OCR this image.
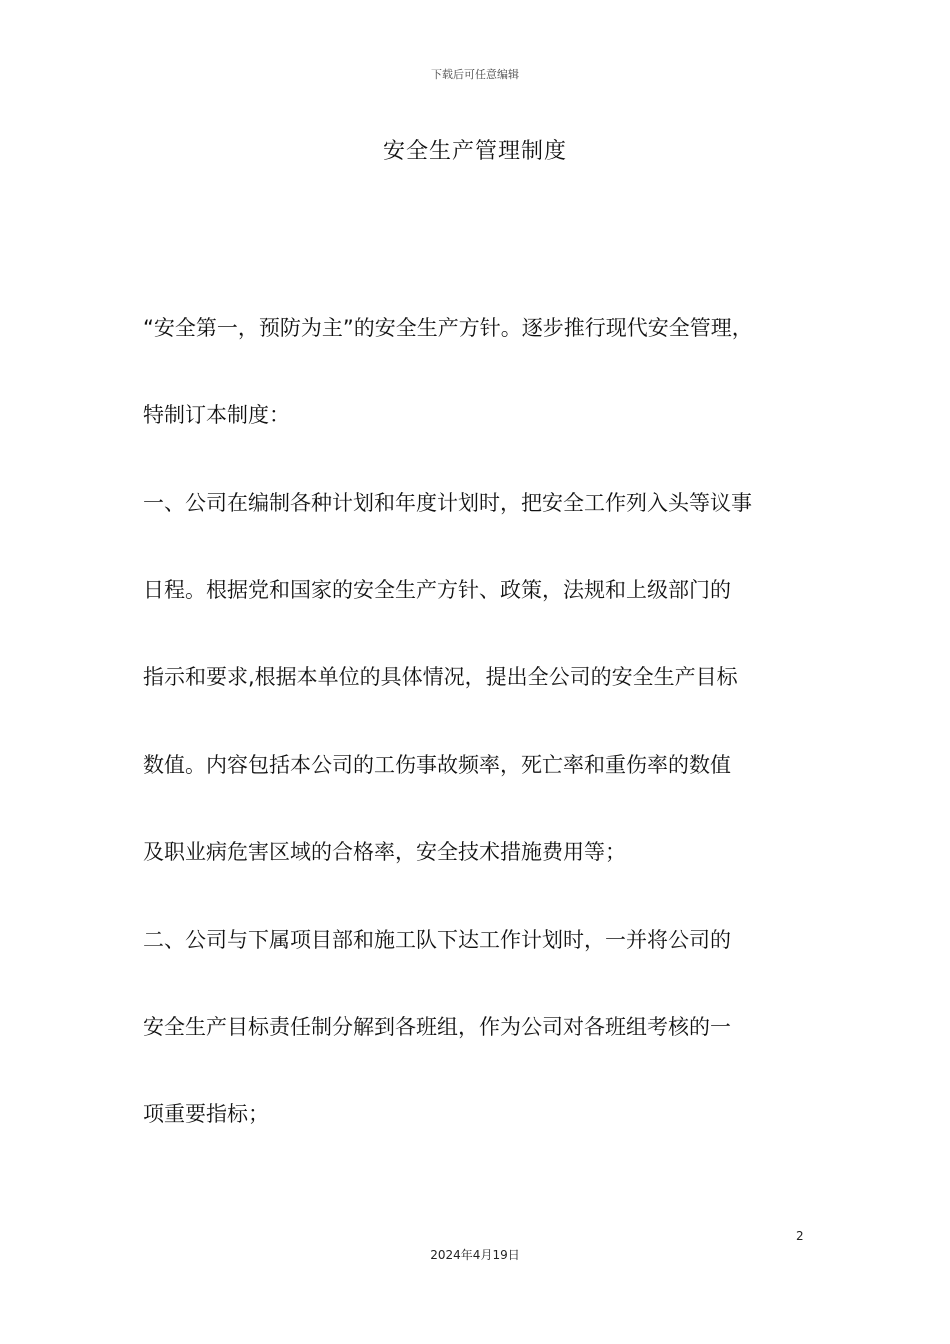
下载后可任意编辑
安全生产管理制度
“安全第一，预防为主”的安全生产方针。逐步推行现代安全管理，
特制订本制度：
一、公司在编制各种计划和年度计划时，把安全工作列入头等议事
日程。根据党和国家的安全生产方针、政策，法规和上级部门的
指示和要求,根据本单位的具体情况，提出全公司的安全生产目标
数值。内容包括本公司的工伤事故频率，死亡率和重伤率的数值
及职业病危害区域的合格率，安全技术措施费用等；
二、公司与下属项目部和施工队下达工作计划时，一并将公司的
安全生产目标责任制分解到各班组，作为公司对各班组考核的一
项重要指标；
2
2024年4月19日
